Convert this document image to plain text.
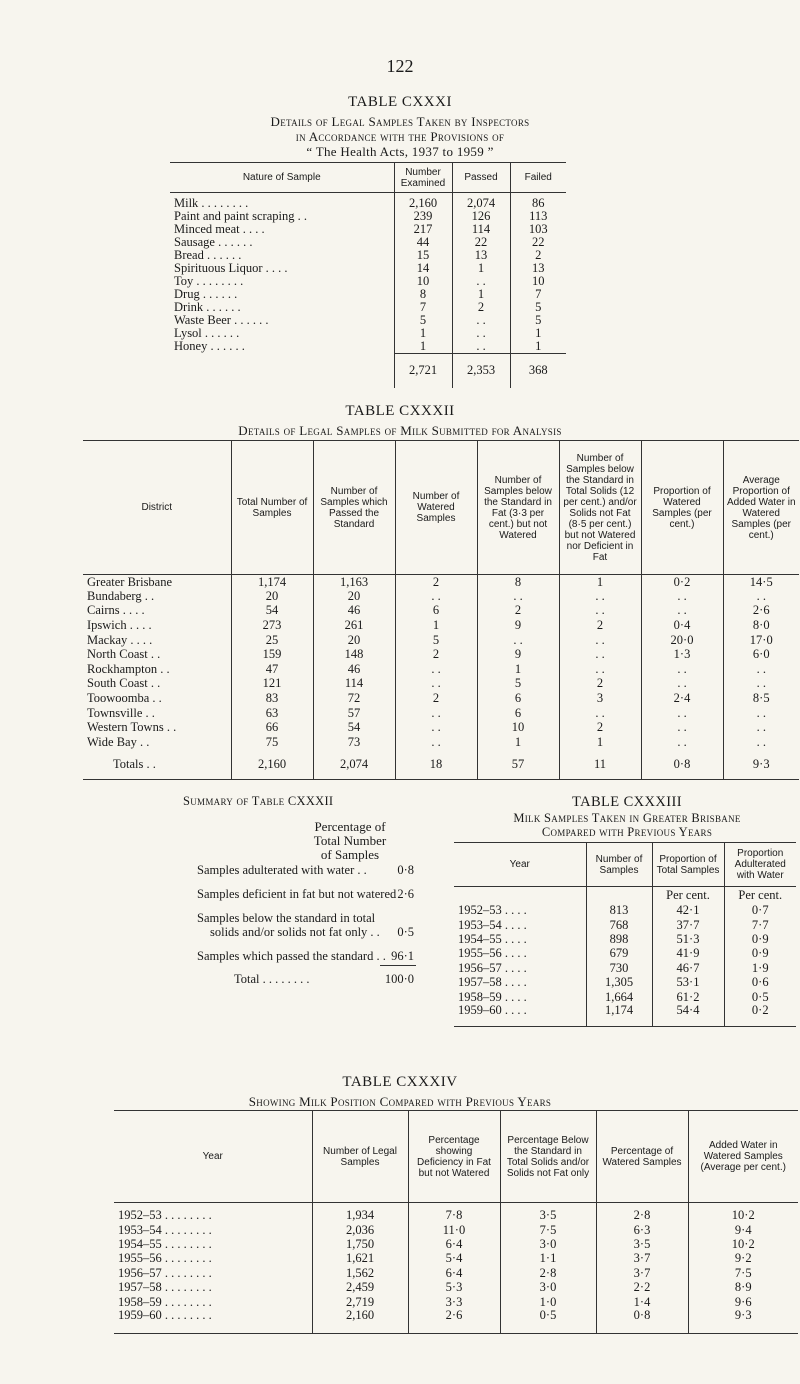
122
TABLE CXXXI
Details of Legal Samples Taken by Inspectors
in Accordance with the Provisions of
“ The Health Acts, 1937 to 1959 ”
Nature of Sample	Number Examined	Passed	Failed
Milk . . . . . . . .	2,160	2,074	86
Paint and paint scraping . .	239	126	113
Minced meat . . . .	217	114	103
Sausage . . . . . .	44	22	22
Bread . . . . . .	15	13	2
Spirituous Liquor . . . .	14	1	13
Toy . . . . . . . .	10	. .	10
Drug . . . . . .	8	1	7
Drink . . . . . .	7	2	5
Waste Beer . . . . . .	5	. .	5
Lysol . . . . . .	1	. .	1
Honey . . . . . .	1	. .	1
	2,721	2,353	368
TABLE CXXXII
Details of Legal Samples of Milk Submitted for Analysis
District	Total Number of Samples	Number of Samples which Passed the Standard	Number of Watered Samples	Number of Samples below the Standard in Fat (3·3 per cent.) but not Watered	Number of Samples below the Standard in Total Solids (12 per cent.) and/or Solids not Fat (8·5 per cent.) but not Watered nor Deficient in Fat	Proportion of Watered Samples (per cent.)	Average Proportion of Added Water in Watered Samples (per cent.)
Greater Brisbane	1,174	1,163	2	8	1	0·2	14·5
Bundaberg . .	20	20	. .	. .	. .	. .	. .
Cairns . . . .	54	46	6	2	. .	. .	2·6
Ipswich . . . .	273	261	1	9	2	0·4	8·0
Mackay . . . .	25	20	5	. .	. .	20·0	17·0
North Coast . .	159	148	2	9	. .	1·3	6·0
Rockhampton . .	47	46	. .	1	. .	. .	. .
South Coast . .	121	114	. .	5	2	. .	. .
Toowoomba . .	83	72	2	6	3	2·4	8·5
Townsville . .	63	57	. .	6	. .	. .	. .
Western Towns . .	66	54	. .	10	2	. .	. .
Wide Bay . .	75	73	. .	1	1	. .	. .
Totals . .	2,160	2,074	18	57	11	0·8	9·3
Summary of Table CXXXII
Percentage of
Total Number
of Samples
Samples adulterated with water . .	0·8
Samples deficient in fat but not watered 2·6
Samples below the standard in total
solids and/or solids not fat only . .	0·5
Samples which passed the standard . . 96·1
Total . . . . . . . .	100·0
TABLE CXXXIII
Milk Samples Taken in Greater Brisbane
Compared with Previous Years
Year	Number of Samples	Proportion of Total Samples	Proportion Adulterated with Water
		Per cent.	Per cent.
1952–53 . . . .	813	42·1	0·7
1953–54 . . . .	768	37·7	7·7
1954–55 . . . .	898	51·3	0·9
1955–56 . . . .	679	41·9	0·9
1956–57 . . . .	730	46·7	1·9
1957–58 . . . .	1,305	53·1	0·6
1958–59 . . . .	1,664	61·2	0·5
1959–60 . . . .	1,174	54·4	0·2
TABLE CXXXIV
Showing Milk Position Compared with Previous Years
Year	Number of Legal Samples	Percentage showing Deficiency in Fat but not Watered	Percentage Below the Standard in Total Solids and/or Solids not Fat only	Percentage of Watered Samples	Added Water in Watered Samples (Average per cent.)
1952–53 . . . . . . . .	1,934	7·8	3·5	2·8	10·2
1953–54 . . . . . . . .	2,036	11·0	7·5	6·3	9·4
1954–55 . . . . . . . .	1,750	6·4	3·0	3·5	10·2
1955–56 . . . . . . . .	1,621	5·4	1·1	3·7	9·2
1956–57 . . . . . . . .	1,562	6·4	2·8	3·7	7·5
1957–58 . . . . . . . .	2,459	5·3	3·0	2·2	8·9
1958–59 . . . . . . . .	2,719	3·3	1·0	1·4	9·6
1959–60 . . . . . . . .	2,160	2·6	0·5	0·8	9·3
